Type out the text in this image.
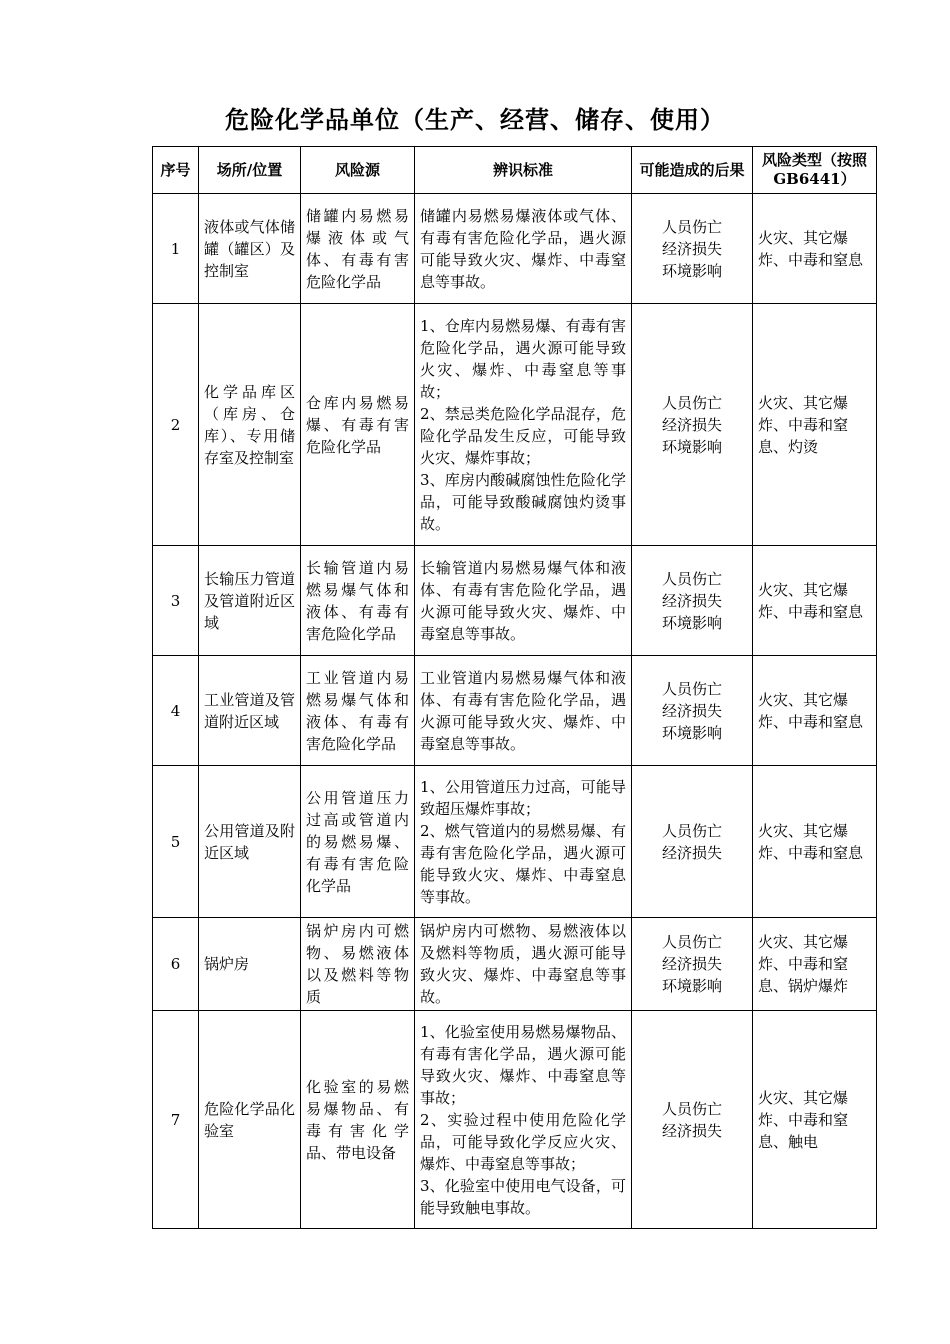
危险化学品单位（生产、经营、储存、使用）
序号	场所/位置	风险源	辨识标准	可能造成的后果	风险类型（按照GB6441）
1	液体或气体储罐（罐区）及控制室	储罐内易燃易爆液体或气体、有毒有害危险化学品	储罐内易燃易爆液体或气体、有毒有害危险化学品，遇火源可能导致火灾、爆炸、中毒窒息等事故。	人员伤亡
经济损失
环境影响	火灾、其它爆炸、中毒和窒息
2	化学品库区（库房、仓库）、专用储存室及控制室	仓库内易燃易爆、有毒有害危险化学品	1、仓库内易燃易爆、有毒有害危险化学品，遇火源可能导致火灾、爆炸、中毒窒息等事故；
2、禁忌类危险化学品混存，危险化学品发生反应，可能导致火灾、爆炸事故；
3、库房内酸碱腐蚀性危险化学品，可能导致酸碱腐蚀灼烫事故。	人员伤亡
经济损失
环境影响	火灾、其它爆炸、中毒和窒息、灼烫
3	长输压力管道及管道附近区域	长输管道内易燃易爆气体和液体、有毒有害危险化学品	长输管道内易燃易爆气体和液体、有毒有害危险化学品，遇火源可能导致火灾、爆炸、中毒窒息等事故。	人员伤亡
经济损失
环境影响	火灾、其它爆炸、中毒和窒息
4	工业管道及管道附近区域	工业管道内易燃易爆气体和液体、有毒有害危险化学品	工业管道内易燃易爆气体和液体、有毒有害危险化学品，遇火源可能导致火灾、爆炸、中毒窒息等事故。	人员伤亡
经济损失
环境影响	火灾、其它爆炸、中毒和窒息
5	公用管道及附近区域	公用管道压力过高或管道内的易燃易爆、有毒有害危险化学品	1、公用管道压力过高，可能导致超压爆炸事故；
2、燃气管道内的易燃易爆、有毒有害危险化学品，遇火源可能导致火灾、爆炸、中毒窒息等事故。	人员伤亡
经济损失	火灾、其它爆炸、中毒和窒息
6	锅炉房	锅炉房内可燃物、易燃液体以及燃料等物质	锅炉房内可燃物、易燃液体以及燃料等物质，遇火源可能导致火灾、爆炸、中毒窒息等事故。	人员伤亡
经济损失
环境影响	火灾、其它爆炸、中毒和窒息、锅炉爆炸
7	危险化学品化验室	化验室的易燃易爆物品、有毒有害化学品、带电设备	1、化验室使用易燃易爆物品、有毒有害化学品，遇火源可能导致火灾、爆炸、中毒窒息等事故；
2、实验过程中使用危险化学品，可能导致化学反应火灾、爆炸、中毒窒息等事故；
3、化验室中使用电气设备，可能导致触电事故。	人员伤亡
经济损失	火灾、其它爆炸、中毒和窒息、触电
